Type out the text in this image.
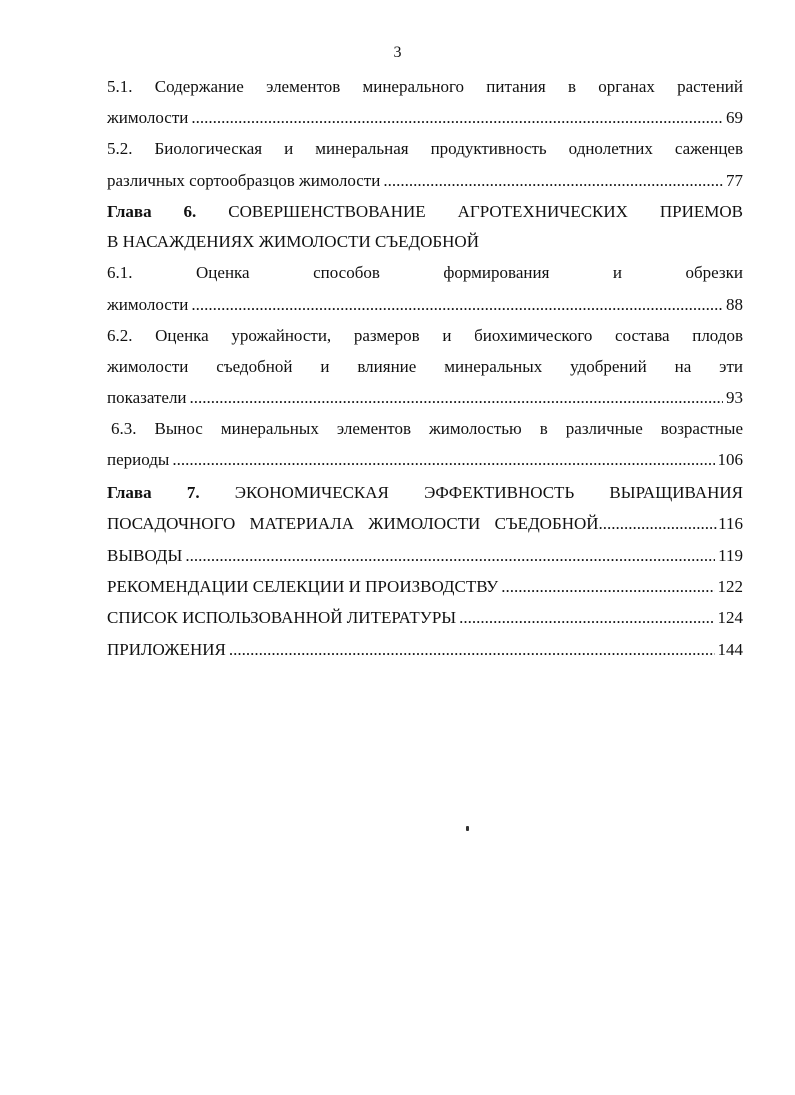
3
5.1. Содержание элементов минерального питания в органах растений
жимолости .....	69
5.2. Биологическая и минеральная продуктивность однолетних саженцев
различных сортообразцов жимолости .....	77
Глава 6. СОВЕРШЕНСТВОВАНИЕ АГРОТЕХНИЧЕСКИХ ПРИЕМОВ
В НАСАЖДЕНИЯХ ЖИМОЛОСТИ СЪЕДОБНОЙ
6.1. Оценка способов формирования и обрезки
жимолости .....	88
6.2. Оценка урожайности, размеров и биохимического состава плодов
жимолости съедобной и влияние минеральных удобрений на эти
показатели .....	93
6.3. Вынос минеральных элементов жимолостью в различные возрастные
периоды .....	106
Глава 7. ЭКОНОМИЧЕСКАЯ ЭФФЕКТИВНОСТЬ ВЫРАЩИВАНИЯ
ПОСАДОЧНОГО МАТЕРИАЛА ЖИМОЛОСТИ СЪЕДОБНОЙ .....	116
ВЫВОДЫ .....	119
РЕКОМЕНДАЦИИ СЕЛЕКЦИИ И ПРОИЗВОДСТВУ .....	122
СПИСОК ИСПОЛЬЗОВАННОЙ ЛИТЕРАТУРЫ .....	124
ПРИЛОЖЕНИЯ .....	144
